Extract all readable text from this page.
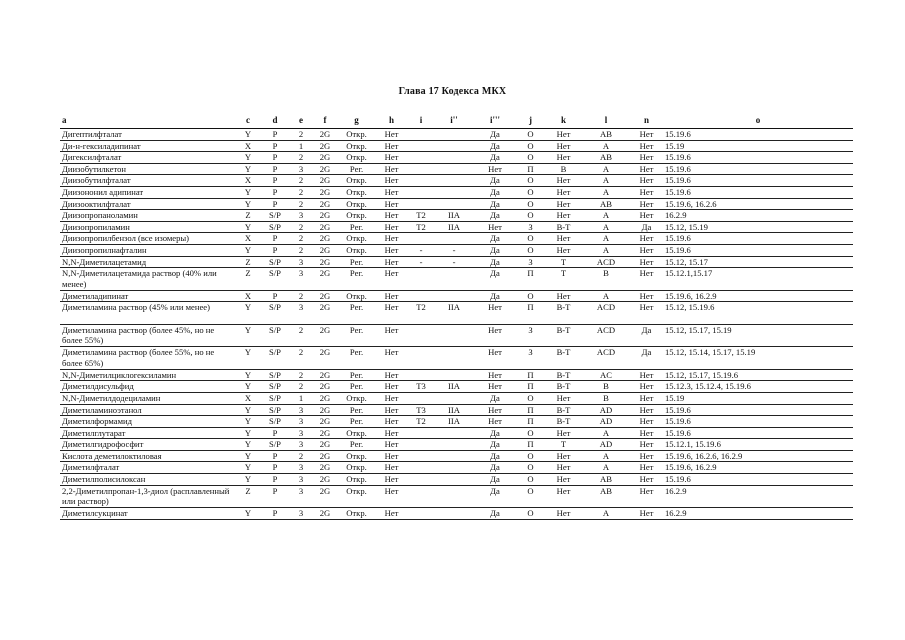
Глава 17 Кодекса МКХ
a	c	d	e	f	g	h	i	i''	i'''	j	k	l	n	o
Дигептилфталат	Y	P	2	2G	Откр.	Нет			Да	О	Нет	AB	Нет	15.19.6
Ди-н-гексиладипинат	X	P	1	2G	Откр.	Нет			Да	О	Нет	A	Нет	15.19
Дигексилфталат	Y	P	2	2G	Откр.	Нет			Да	О	Нет	AB	Нет	15.19.6
Диизобутилкетон	Y	P	3	2G	Рег.	Нет			Нет	П	B	A	Нет	15.19.6
Диизобутилфталат	X	P	2	2G	Откр.	Нет			Да	О	Нет	A	Нет	15.19.6
Диизононил адипинат	Y	P	2	2G	Откр.	Нет			Да	О	Нет	A	Нет	15.19.6
Диизооктилфталат	Y	P	2	2G	Откр.	Нет			Да	О	Нет	AB	Нет	15.19.6, 16.2.6
Диизопропаноламин	Z	S/P	3	2G	Откр.	Нет	T2	IIA	Да	О	Нет	A	Нет	16.2.9
Диизопропиламин	Y	S/P	2	2G	Рег.	Нет	T2	IIA	Нет	З	B-T	A	Да	15.12, 15.19
Диизопропилбензол (все изомеры)	X	P	2	2G	Откр.	Нет			Да	О	Нет	A	Нет	15.19.6
Диизопропилнафталин	Y	P	2	2G	Откр.	Нет	-	-	Да	О	Нет	A	Нет	15.19.6
N,N-Диметилацетамид	Z	S/P	3	2G	Рег.	Нет	-	-	Да	З	T	ACD	Нет	15.12, 15.17
N,N-Диметилацетамида раствор (40% или менее)	Z	S/P	3	2G	Рег.	Нет			Да	П	T	B	Нет	15.12.1,15.17
Диметиладипинат	X	P	2	2G	Откр.	Нет			Да	О	Нет	A	Нет	15.19.6, 16.2.9
Диметиламина раствор (45% или менее)	Y	S/P	3	2G	Рег.	Нет	T2	IIA	Нет	П	B-T	ACD	Нет	15.12, 15.19.6
Диметиламина раствор (более 45%, но не более 55%)	Y	S/P	2	2G	Рег.	Нет			Нет	З	B-T	ACD	Да	15.12, 15.17, 15.19
Диметиламина раствор (более 55%, но не более 65%)	Y	S/P	2	2G	Рег.	Нет			Нет	З	B-T	ACD	Да	15.12, 15.14, 15.17, 15.19
N,N-Диметилциклогексиламин	Y	S/P	2	2G	Рег.	Нет			Нет	П	B-T	AC	Нет	15.12, 15.17, 15.19.6
Диметилдисульфид	Y	S/P	2	2G	Рег.	Нет	T3	IIA	Нет	П	B-T	B	Нет	15.12.3, 15.12.4, 15.19.6
N,N-Диметилдодециламин	X	S/P	1	2G	Откр.	Нет			Да	О	Нет	B	Нет	15.19
Диметиламиноэтанол	Y	S/P	3	2G	Рег.	Нет	T3	IIA	Нет	П	B-T	AD	Нет	15.19.6
Диметилформамид	Y	S/P	3	2G	Рег.	Нет	T2	IIA	Нет	П	B-T	AD	Нет	15.19.6
Диметилглутарат	Y	P	3	2G	Откр.	Нет			Да	О	Нет	A	Нет	15.19.6
Диметилгидрофосфит	Y	S/P	3	2G	Рег.	Нет			Да	П	T	AD	Нет	15.12.1, 15.19.6
Кислота деметилоктиловая	Y	P	2	2G	Откр.	Нет			Да	О	Нет	A	Нет	15.19.6, 16.2.6, 16.2.9
Диметилфталат	Y	P	3	2G	Откр.	Нет			Да	О	Нет	A	Нет	15.19.6, 16.2.9
Диметилполисилоксан	Y	P	3	2G	Откр.	Нет			Да	О	Нет	AB	Нет	15.19.6
2,2-Диметилпропан-1,3-диол (расплавленный или раствор)	Z	P	3	2G	Откр.	Нет			Да	О	Нет	AB	Нет	16.2.9
Диметилсукцинат	Y	P	3	2G	Откр.	Нет			Да	О	Нет	A	Нет	16.2.9
